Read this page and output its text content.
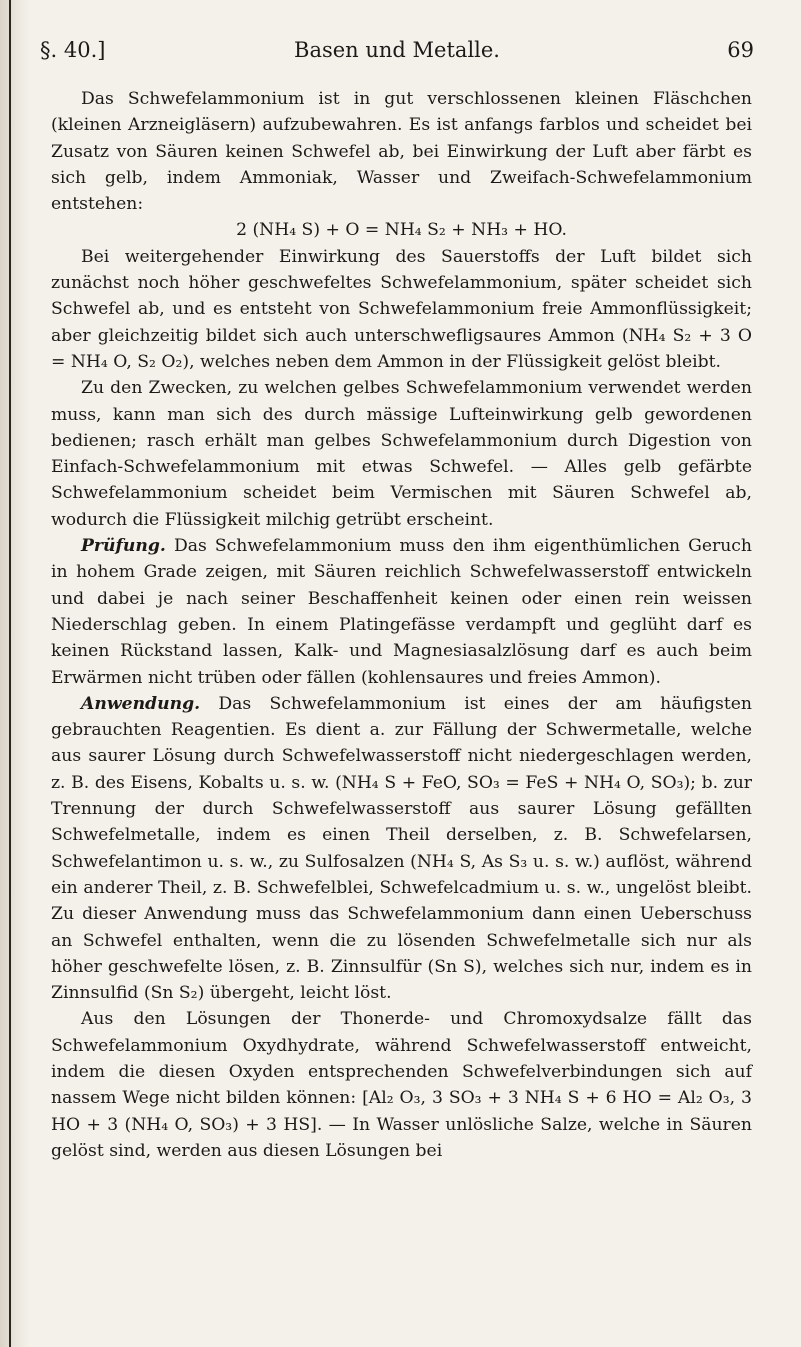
§. 40.]	Basen und Metalle.	69

Das Schwefelammonium ist in gut verschlossenen kleinen Fläschchen (kleinen Arzneigläsern) aufzubewahren. Es ist anfangs farblos und scheidet bei Zusatz von Säuren keinen Schwefel ab, bei Einwirkung der Luft aber färbt es sich gelb, indem Ammoniak, Wasser und Zweifach-Schwefelammonium entstehen:

2 (NH₄ S) + O = NH₄ S₂ + NH₃ + HO.

Bei weitergehender Einwirkung des Sauerstoffs der Luft bildet sich zunächst noch höher geschwefeltes Schwefelammonium, später scheidet sich Schwefel ab, und es entsteht von Schwefelammonium freie Ammonflüssigkeit; aber gleichzeitig bildet sich auch unterschwefligsaures Ammon (NH₄ S₂ + 3 O = NH₄ O, S₂ O₂), welches neben dem Ammon in der Flüssigkeit gelöst bleibt.

Zu den Zwecken, zu welchen gelbes Schwefelammonium verwendet werden muss, kann man sich des durch mässige Lufteinwirkung gelb gewordenen bedienen; rasch erhält man gelbes Schwefelammonium durch Digestion von Einfach-Schwefelammonium mit etwas Schwefel. — Alles gelb gefärbte Schwefelammonium scheidet beim Vermischen mit Säuren Schwefel ab, wodurch die Flüssigkeit milchig getrübt erscheint.

Prüfung. Das Schwefelammonium muss den ihm eigenthümlichen Geruch in hohem Grade zeigen, mit Säuren reichlich Schwefelwasserstoff entwickeln und dabei je nach seiner Beschaffenheit keinen oder einen rein weissen Niederschlag geben. In einem Platingefässe verdampft und geglüht darf es keinen Rückstand lassen, Kalk- und Magnesiasalzlösung darf es auch beim Erwärmen nicht trüben oder fällen (kohlensaures und freies Ammon).

Anwendung. Das Schwefelammonium ist eines der am häufigsten gebrauchten Reagentien. Es dient a. zur Fällung der Schwermetalle, welche aus saurer Lösung durch Schwefelwasserstoff nicht niedergeschlagen werden, z. B. des Eisens, Kobalts u. s. w. (NH₄ S + FeO, SO₃ = FeS + NH₄ O, SO₃); b. zur Trennung der durch Schwefelwasserstoff aus saurer Lösung gefällten Schwefelmetalle, indem es einen Theil derselben, z. B. Schwefelarsen, Schwefelantimon u. s. w., zu Sulfosalzen (NH₄ S, As S₃ u. s. w.) auflöst, während ein anderer Theil, z. B. Schwefelblei, Schwefelcadmium u. s. w., ungelöst bleibt. Zu dieser Anwendung muss das Schwefelammonium dann einen Ueberschuss an Schwefel enthalten, wenn die zu lösenden Schwefelmetalle sich nur als höher geschwefelte lösen, z. B. Zinnsulfür (Sn S), welches sich nur, indem es in Zinnsulfid (Sn S₂) übergeht, leicht löst.

Aus den Lösungen der Thonerde- und Chromoxydsalze fällt das Schwefelammonium Oxydhydrate, während Schwefelwasserstoff entweicht, indem die diesen Oxyden entsprechenden Schwefelverbindungen sich auf nassem Wege nicht bilden können: [Al₂ O₃, 3 SO₃ + 3 NH₄ S + 6 HO = Al₂ O₃, 3 HO + 3 (NH₄ O, SO₃) + 3 HS]. — In Wasser unlösliche Salze, welche in Säuren gelöst sind, werden aus diesen Lösungen bei
